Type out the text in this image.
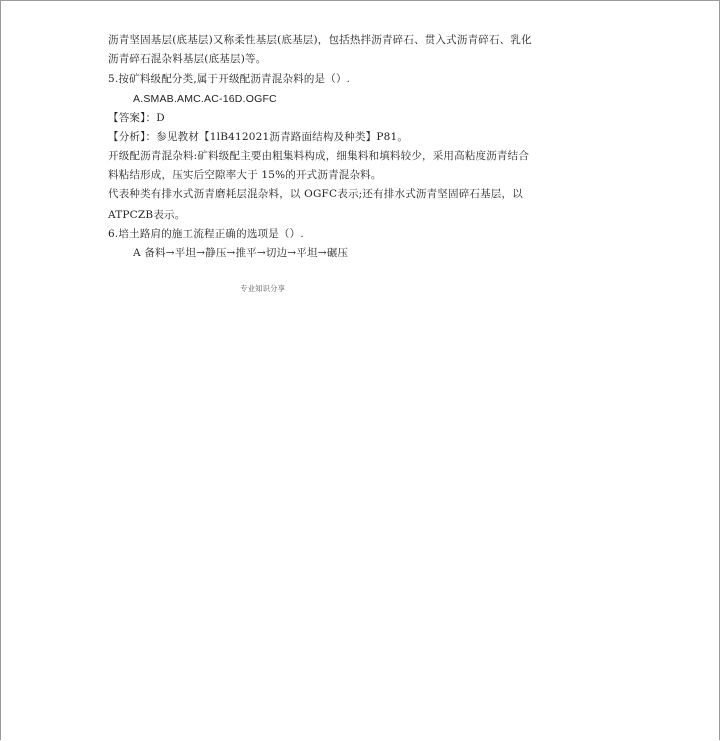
沥青坚固基层(底基层)又称柔性基层(底基层)，包括热拌沥青碎石、贯入式沥青碎石、乳化
沥青碎石混杂料基层(底基层)等。
5.按矿料级配分类,属于开级配沥青混杂料的是（）.
A.SMAB.AMC.AC-16D.OGFC
【答案】：D
【分析】：参见教材【1lB412021沥青路面结构及种类】P81。
开级配沥青混杂料:矿料级配主要由粗集料构成，细集料和填料较少，采用高粘度沥青结合
料粘结形成，压实后空隙率大于 15%的开式沥青混杂料。
代表种类有排水式沥青磨耗层混杂料，以 OGFC表示;还有排水式沥青坚固碎石基层，以
ATPCZB表示。
6.培土路肩的施工流程正确的选项是（）.
A 备料→平坦→静压→推平→切边→平坦→碾压
专业知识分享
